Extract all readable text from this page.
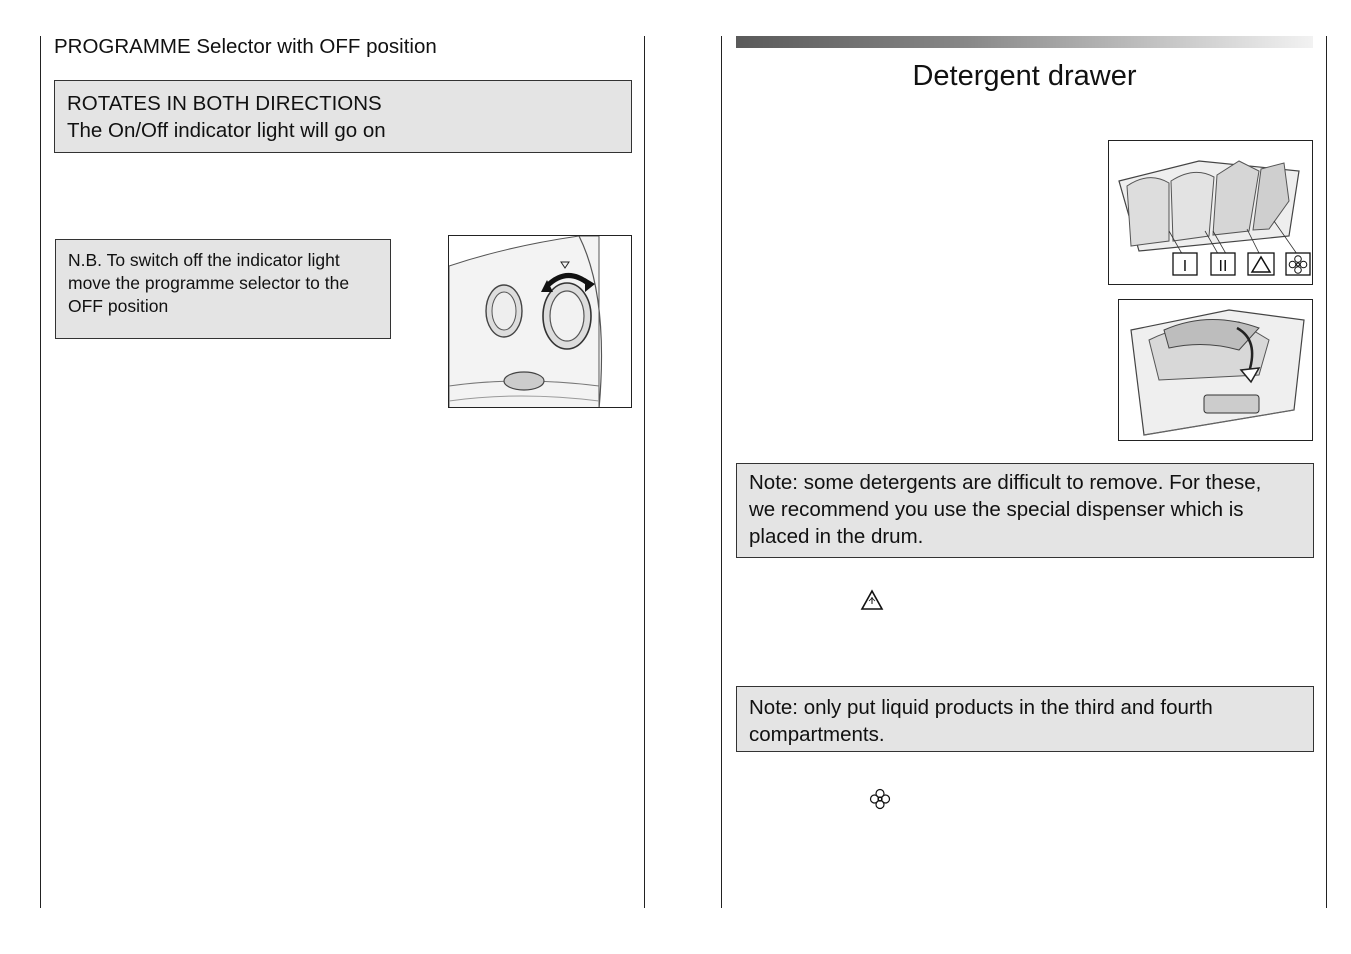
PROGRAMME Selector with OFF position
ROTATES IN BOTH DIRECTIONS
The On/Off indicator light will go on
N.B. To switch off the indicator light
move the programme selector to the
OFF position
Detergent drawer
I II
Note: some detergents are difficult to remove. For these,
we recommend you use the special dispenser which is
placed in the drum.
Note: only put liquid products in the third and fourth
compartments.
